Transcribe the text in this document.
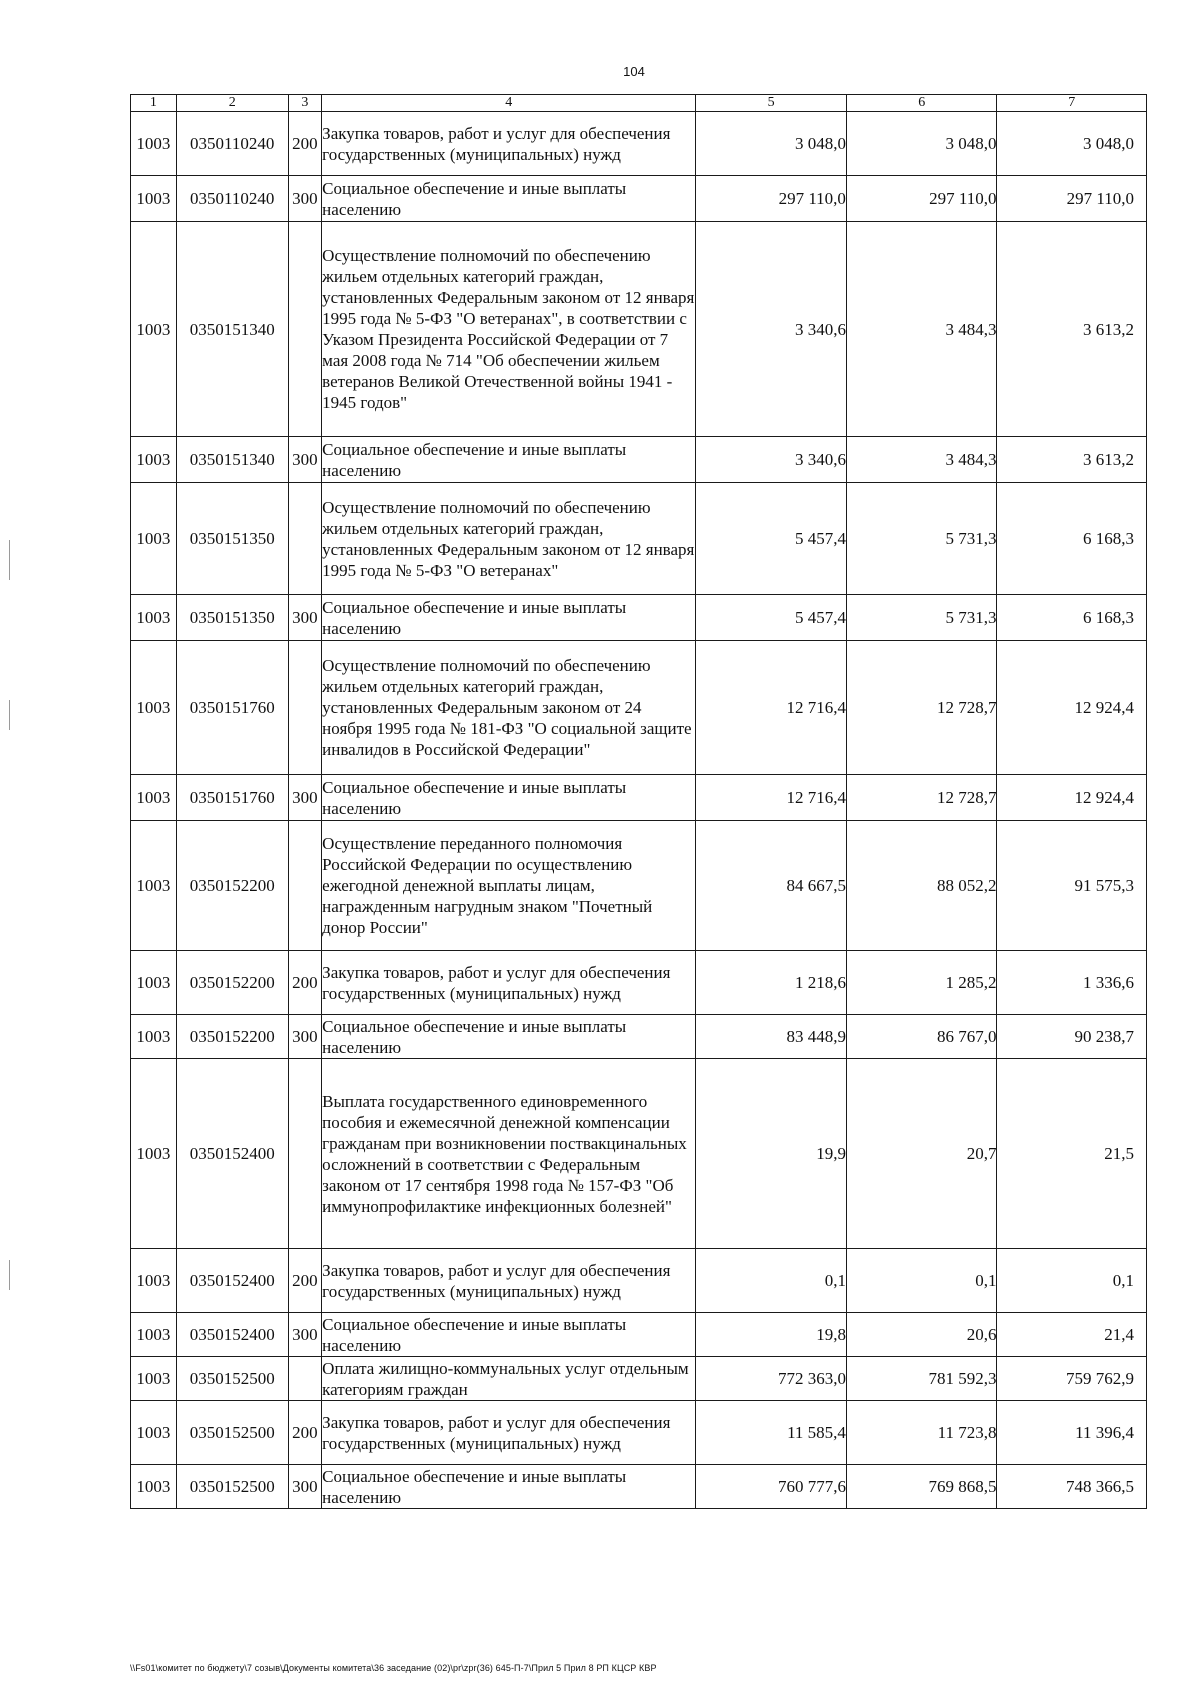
104
1	2	3	4	5	6	7
1003	0350110240	200	Закупка товаров, работ и услуг для обеспечения государственных (муниципальных) нужд	3 048,0	3 048,0	3 048,0
1003	0350110240	300	Социальное обеспечение и иные выплаты населению	297 110,0	297 110,0	297 110,0
1003	0350151340		Осуществление полномочий по обеспечению жильем отдельных категорий граждан, установленных Федеральным законом от 12 января 1995 года № 5-ФЗ "О ветеранах", в соответствии с Указом Президента Российской Федерации от 7 мая 2008 года № 714 "Об обеспечении жильем ветеранов Великой Отечественной войны 1941 - 1945 годов"	3 340,6	3 484,3	3 613,2
1003	0350151340	300	Социальное обеспечение и иные выплаты населению	3 340,6	3 484,3	3 613,2
1003	0350151350		Осуществление полномочий по обеспечению жильем отдельных категорий граждан, установленных Федеральным законом от 12 января 1995 года № 5-ФЗ "О ветеранах"	5 457,4	5 731,3	6 168,3
1003	0350151350	300	Социальное обеспечение и иные выплаты населению	5 457,4	5 731,3	6 168,3
1003	0350151760		Осуществление полномочий по обеспечению жильем отдельных категорий граждан, установленных Федеральным законом от 24 ноября 1995 года № 181-ФЗ "О социальной защите инвалидов в Российской Федерации"	12 716,4	12 728,7	12 924,4
1003	0350151760	300	Социальное обеспечение и иные выплаты населению	12 716,4	12 728,7	12 924,4
1003	0350152200		Осуществление переданного полномочия Российской Федерации по осуществлению ежегодной денежной выплаты лицам, награжденным нагрудным знаком "Почетный донор России"	84 667,5	88 052,2	91 575,3
1003	0350152200	200	Закупка товаров, работ и услуг для обеспечения государственных (муниципальных) нужд	1 218,6	1 285,2	1 336,6
1003	0350152200	300	Социальное обеспечение и иные выплаты населению	83 448,9	86 767,0	90 238,7
1003	0350152400		Выплата государственного единовременного пособия и ежемесячной денежной компенсации гражданам при возникновении поствакцинальных осложнений в соответствии с Федеральным законом от 17 сентября 1998 года № 157-ФЗ "Об иммунопрофилактике инфекционных болезней"	19,9	20,7	21,5
1003	0350152400	200	Закупка товаров, работ и услуг для обеспечения государственных (муниципальных) нужд	0,1	0,1	0,1
1003	0350152400	300	Социальное обеспечение и иные выплаты населению	19,8	20,6	21,4
1003	0350152500		Оплата жилищно-коммунальных услуг отдельным категориям граждан	772 363,0	781 592,3	759 762,9
1003	0350152500	200	Закупка товаров, работ и услуг для обеспечения государственных (муниципальных) нужд	11 585,4	11 723,8	11 396,4
1003	0350152500	300	Социальное обеспечение и иные выплаты населению	760 777,6	769 868,5	748 366,5
\\Fs01\комитет по бюджету\7 созыв\Документы комитета\36 заседание (02)\pr\zpr(36) 645-П-7\Прил 5 Прил 8 РП КЦСР КВР
